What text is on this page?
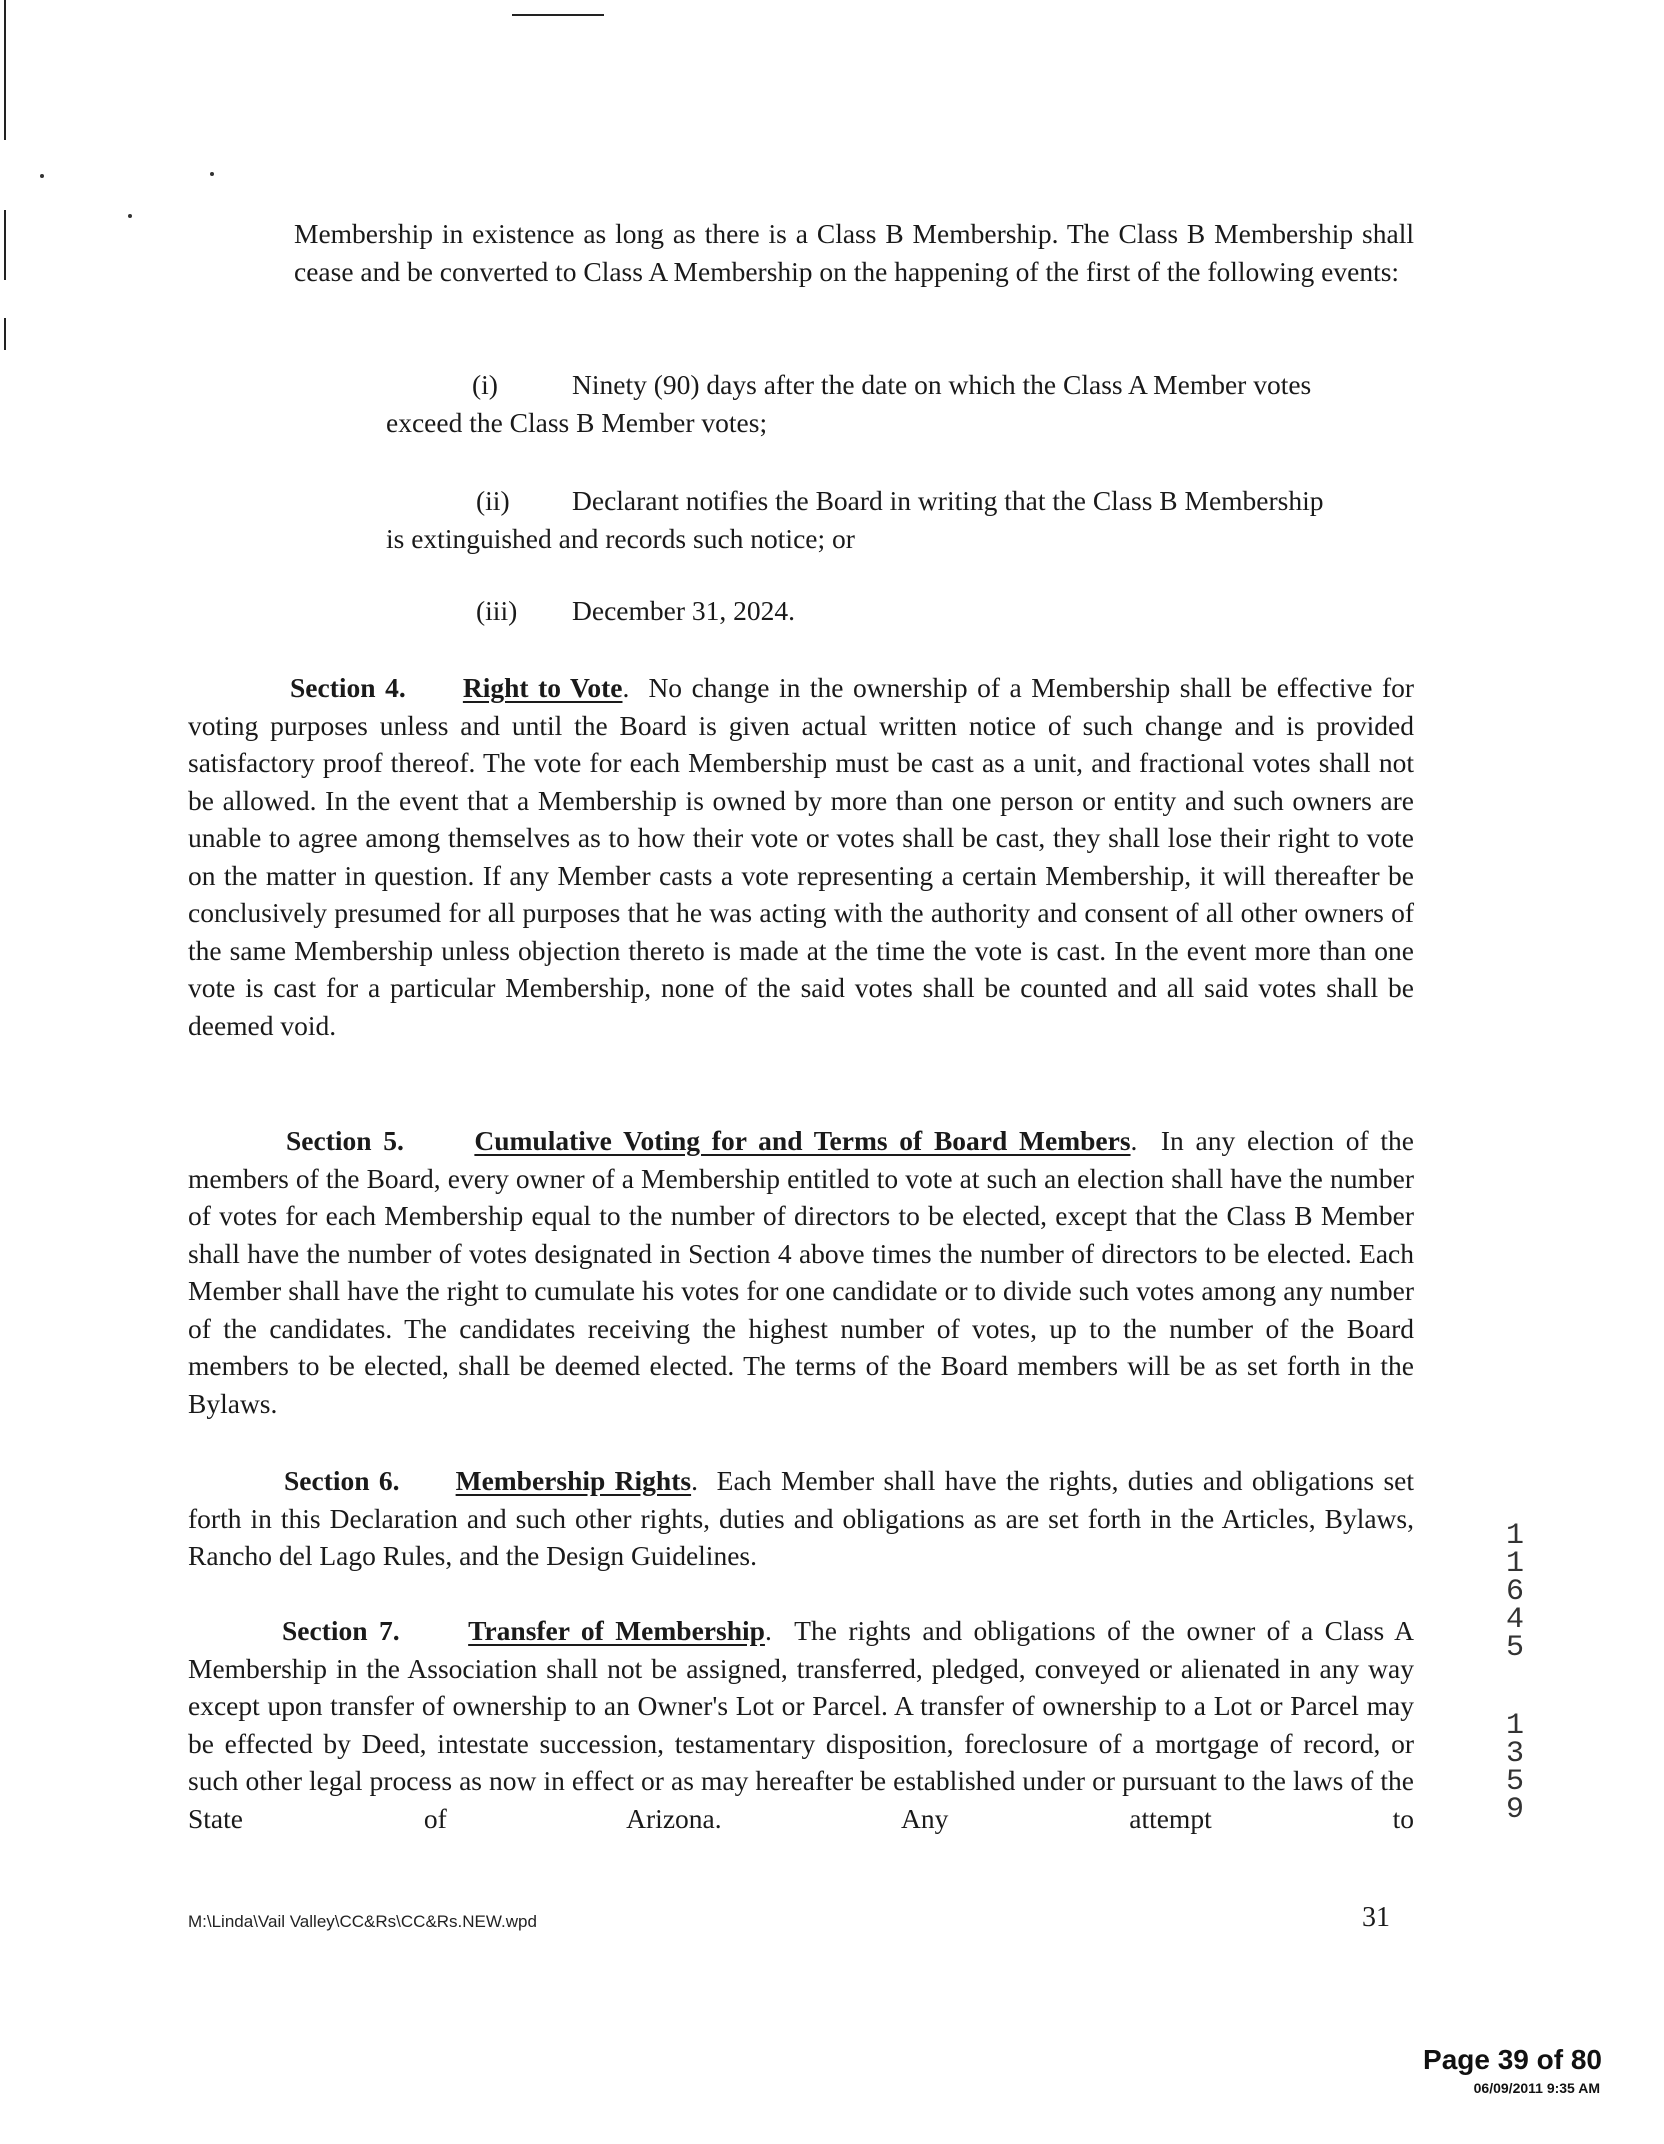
Membership in existence as long as there is a Class B Membership. The Class B Membership shall cease and be converted to Class A Membership on the happening of the first of the following events:

(i)	Ninety (90) days after the date on which the Class A Member votes

exceed the Class B Member votes;

(ii) Declarant notifies the Board in writing that the Class B Membership

is extinguished and records such notice; or

(iii) December 31, 2024.

Section 4. Right to Vote.  No change in the ownership of a Membership shall be effective for voting purposes unless and until the Board is given actual written notice of such change and is provided satisfactory proof thereof. The vote for each Membership must be cast as a unit, and fractional votes shall not be allowed. In the event that a Membership is owned by more than one person or entity and such owners are unable to agree among themselves as to how their vote or votes shall be cast, they shall lose their right to vote on the matter in question. If any Member casts a vote representing a certain Membership, it will thereafter be conclusively presumed for all purposes that he was acting with the authority and consent of all other owners of the same Membership unless objection thereto is made at the time the vote is cast. In the event more than one vote is cast for a particular Membership, none of the said votes shall be counted and all said votes shall be deemed void.

Section 5.	Cumulative Voting for and Terms of Board Members.  In any election of the members of the Board, every owner of a Membership entitled to vote at such an election shall have the number of votes for each Membership equal to the number of directors to be elected, except that the Class B Member shall have the number of votes designated in Section 4 above times the number of directors to be elected. Each Member shall have the right to cumulate his votes for one candidate or to divide such votes among any number of the candidates. The candidates receiving the highest number of votes, up to the number of the Board members to be elected, shall be deemed elected. The terms of the Board members will be as set forth in the Bylaws.

Section 6. Membership Rights.  Each Member shall have the rights, duties and obligations set forth in this Declaration and such other rights, duties and obligations as are set forth in the Articles, Bylaws, Rancho del Lago Rules, and the Design Guidelines.

Section 7. Transfer of Membership.  The rights and obligations of the owner of a Class A Membership in the Association shall not be assigned, transferred, pledged, conveyed or alienated in any way except upon transfer of ownership to an Owner's Lot or Parcel. A transfer of ownership to a Lot or Parcel may be effected by Deed, intestate succession, testamentary disposition, foreclosure of a mortgage of record, or such other legal process as now in effect or as may hereafter be established under or pursuant to the laws of the State of Arizona. Any attempt to

1
1
6
4
5
1
3
5
9
M:\Linda\Vail Valley\CC&Rs\CC&Rs.NEW.wpd	31
Page 39 of 80
06/09/2011 9:35 AM
